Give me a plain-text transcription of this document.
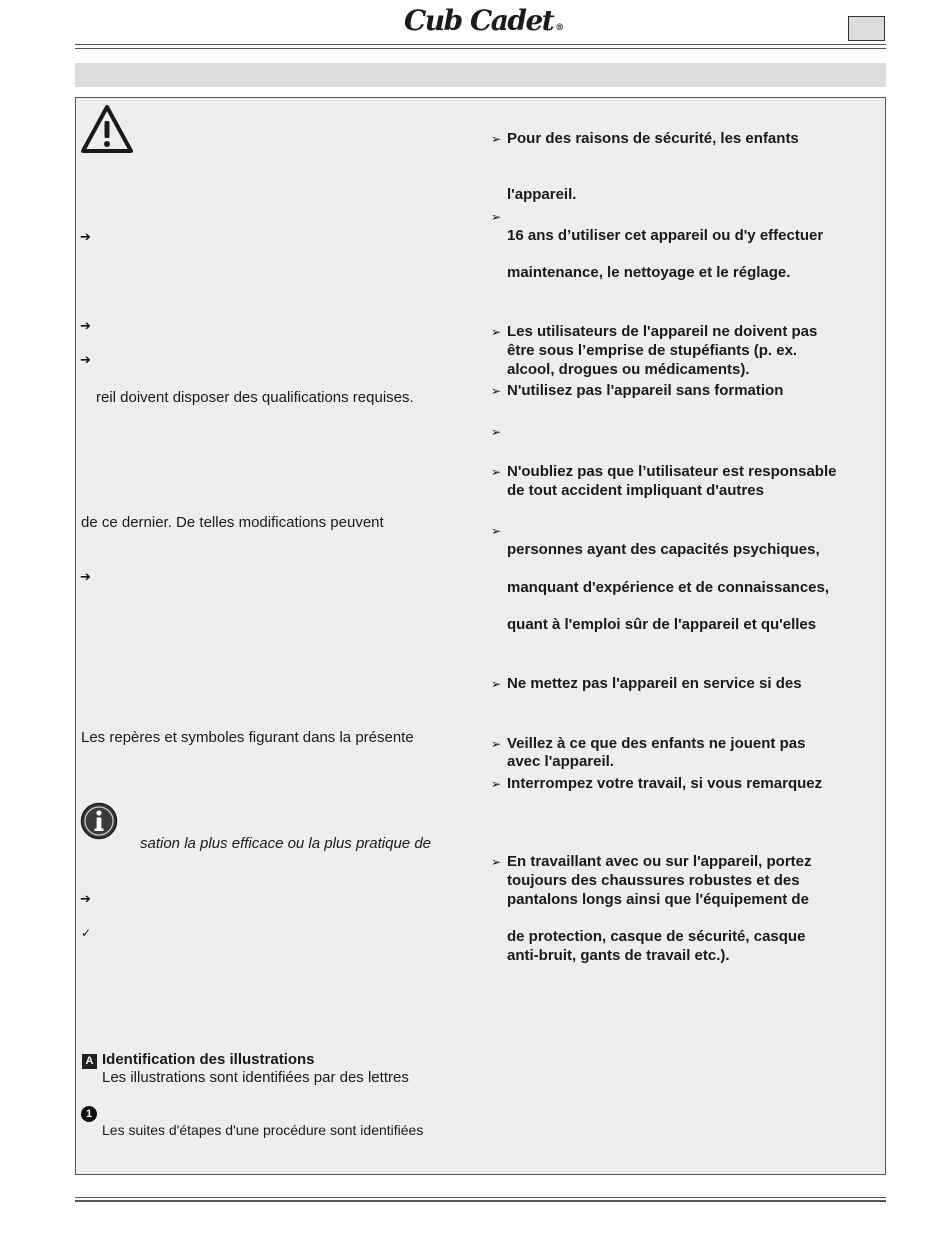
Cub Cadet ®
➔
➔
➔
reil doivent disposer des qualifications requises.
de ce dernier. De telles modifications peuvent
➔
Les repères et symboles figurant dans la présente
sation la plus efficace ou la plus pratique de
➔
✓
A Identification des illustrations
Les illustrations sont identifiées par des lettres
1
Les suites d'étapes d'une procédure sont identifiées
➢ Pour des raisons de sécurité, les enfants
l'appareil.
➢
16 ans d’utiliser cet appareil ou d'y effectuer
maintenance, le nettoyage et le réglage.
➢ Les utilisateurs de l'appareil ne doivent pas
être sous l’emprise de stupéfiants (p. ex.
alcool, drogues ou médicaments).
➢ N'utilisez pas l'appareil sans formation
➢
➢ N'oubliez pas que l’utilisateur est responsable
de tout accident impliquant d'autres
➢
personnes ayant des capacités psychiques,
manquant d'expérience et de connaissances,
quant à l'emploi sûr de l'appareil et qu'elles
➢ Ne mettez pas l'appareil en service si des
➢ Veillez à ce que des enfants ne jouent pas
avec l'appareil.
➢ Interrompez votre travail, si vous remarquez
➢ En travaillant avec ou sur l'appareil, portez
toujours des chaussures robustes et des
pantalons longs ainsi que l'équipement de
de protection, casque de sécurité, casque
anti-bruit, gants de travail etc.).
